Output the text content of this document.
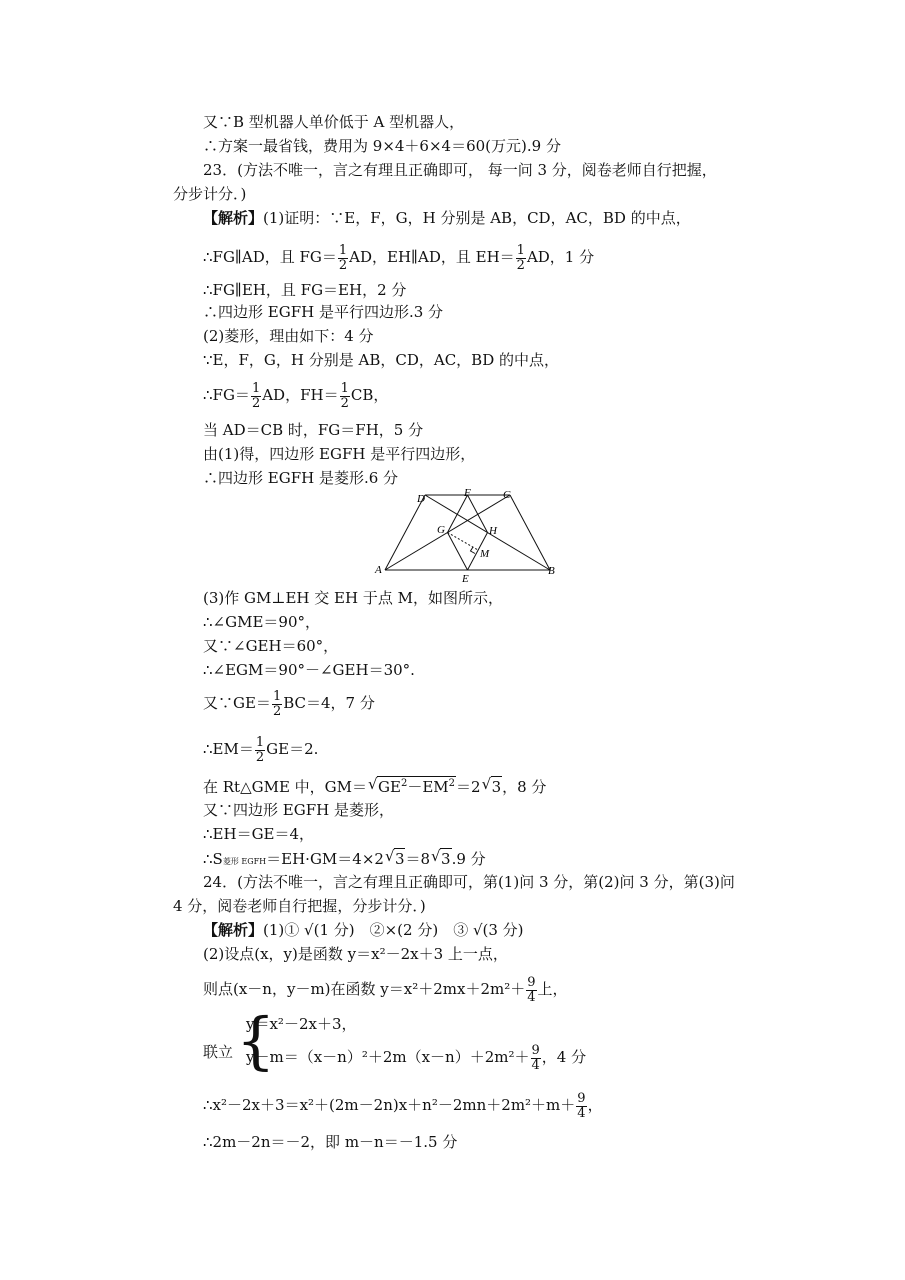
又∵B 型机器人单价低于 A 型机器人，
∴方案一最省钱，费用为 9×4＋6×4＝60(万元).9 分
23．(方法不唯一，言之有理且正确即可， 每一问 3 分，阅卷老师自行把握，
分步计分．)
【解析】(1)证明：∵E，F，G，H 分别是 AB，CD，AC，BD 的中点，
∴FG∥AD，且 $FG= \frac{1}{2}$ AD，EH∥AD，且 $EH= \frac{1}{2}$ AD，1 分
∴FG∥EH，且 FG＝EH，2 分
∴四边形 EGFH 是平行四边形.3 分
(2)菱形，理由如下：4 分
∵E，F，G，H 分别是 AB，CD，AC，BD 的中点，
∴FG＝ $\frac{1}{2}$ AD，$FH= \frac{1}{2}$ CB，
当 AD＝CB 时，FG＝FH，5 分
由(1)得，四边形 EGFH 是平行四边形，
∴四边形 EGFH 是菱形.6 分
D	F	C
G	H
M
A
E
B
(3)作 GM⊥EH 交 EH 于点 M，如图所示，
∴∠GME＝90°，
又∵∠GEH＝60°，
∴∠EGM＝90°－∠GEH＝30°.
又∵GE＝ $\frac{1}{2} BC=4$，7 分
∴EM＝ $\frac{1}{2} GE=2$.
在 Rt△GME 中，GM＝√ $GE^2-EM^2=2√$ 3，8 分
又∵四边形 EGFH 是菱形，
∴EH＝GE＝4，
∴S菱形 EGFH＝EH·GM＝4×2√ 3＝8√ 3.9 分
24．(方法不唯一，言之有理且正确即可，第(1)问 3 分，第(2)问 3 分，第(3)问
4 分，阅卷老师自行把握，分步计分．)
【解析】(1)① √(1 分)　②×(2 分)　③ √(3 分)
(2)设点(x，y)是函数 y＝x²－2x＋3 上一点，
则点(x－n，y－m)在函数 $y=x^2+2mx+2m^2+ \frac{9}{4}$ 上，
联立 {
y＝x²－2x＋3，
$y-m=(x-n)^2+2m(x-n)+2m^2+ \frac{9}{4}$ ，4 分
∴x²－2x＋3＝x²＋(2m－2n)x＋n²－2mn＋2m²＋m＋ $\frac{9}{4}$ ，
∴2m－2n＝－2，即 m－n＝－1.5 分
